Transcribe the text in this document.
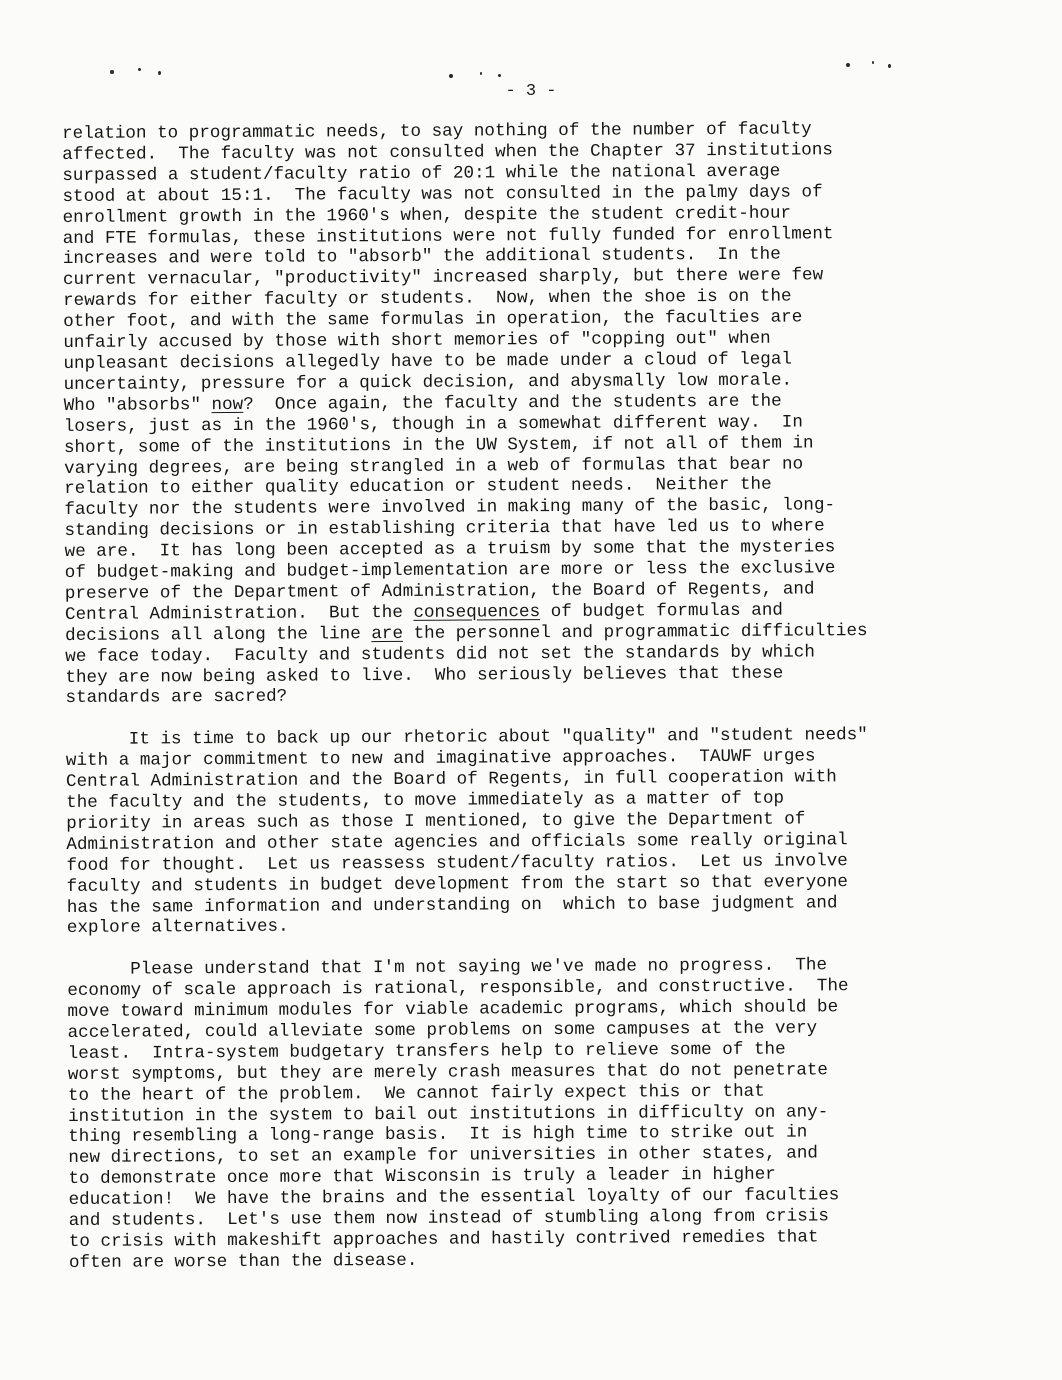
- 3 -

relation to programmatic needs, to say nothing of the number of faculty
affected.  The faculty was not consulted when the Chapter 37 institutions
surpassed a student/faculty ratio of 20:1 while the national average
stood at about 15:1.  The faculty was not consulted in the palmy days of
enrollment growth in the 1960's when, despite the student credit-hour
and FTE formulas, these institutions were not fully funded for enrollment
increases and were told to "absorb" the additional students.  In the
current vernacular, "productivity" increased sharply, but there were few
rewards for either faculty or students.  Now, when the shoe is on the
other foot, and with the same formulas in operation, the faculties are
unfairly accused by those with short memories of "copping out" when
unpleasant decisions allegedly have to be made under a cloud of legal
uncertainty, pressure for a quick decision, and abysmally low morale.
Who "absorbs" now?  Once again, the faculty and the students are the
losers, just as in the 1960's, though in a somewhat different way.  In
short, some of the institutions in the UW System, if not all of them in
varying degrees, are being strangled in a web of formulas that bear no
relation to either quality education or student needs.  Neither the
faculty nor the students were involved in making many of the basic, long-
standing decisions or in establishing criteria that have led us to where
we are.  It has long been accepted as a truism by some that the mysteries
of budget-making and budget-implementation are more or less the exclusive
preserve of the Department of Administration, the Board of Regents, and
Central Administration.  But the consequences of budget formulas and
decisions all along the line are the personnel and programmatic difficulties
we face today.  Faculty and students did not set the standards by which
they are now being asked to live.  Who seriously believes that these
standards are sacred?
It is time to back up our rhetoric about "quality" and "student needs"
with a major commitment to new and imaginative approaches.  TAUWF urges
Central Administration and the Board of Regents, in full cooperation with
the faculty and the students, to move immediately as a matter of top
priority in areas such as those I mentioned, to give the Department of
Administration and other state agencies and officials some really original
food for thought.  Let us reassess student/faculty ratios.  Let us involve
faculty and students in budget development from the start so that everyone
has the same information and understanding on  which to base judgment and
explore alternatives.
Please understand that I'm not saying we've made no progress.  The
economy of scale approach is rational, responsible, and constructive.  The
move toward minimum modules for viable academic programs, which should be
accelerated, could alleviate some problems on some campuses at the very
least.  Intra-system budgetary transfers help to relieve some of the
worst symptoms, but they are merely crash measures that do not penetrate
to the heart of the problem.  We cannot fairly expect this or that
institution in the system to bail out institutions in difficulty on any-
thing resembling a long-range basis.  It is high time to strike out in
new directions, to set an example for universities in other states, and
to demonstrate once more that Wisconsin is truly a leader in higher
education!  We have the brains and the essential loyalty of our faculties
and students.  Let's use them now instead of stumbling along from crisis
to crisis with makeshift approaches and hastily contrived remedies that
often are worse than the disease.
